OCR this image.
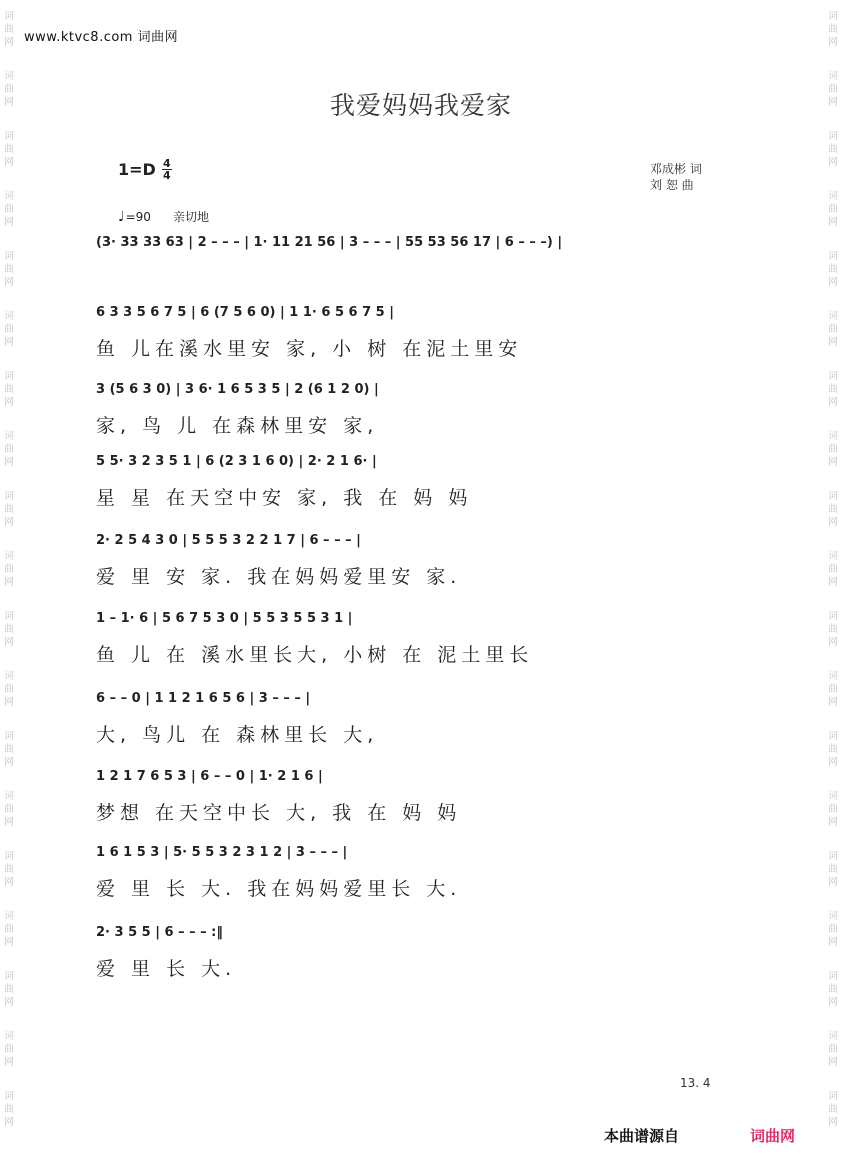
词
曲
网
词
曲
网
词
曲
网
词
曲
网
词
曲
网
词
曲
网
词
曲
网
词
曲
网
词
曲
网
词
曲
网
词
曲
网
词
曲
网
词
曲
网
词
曲
网
词
曲
网
词
曲
网
词
曲
网
词
曲
网
词
曲
网
词
曲
网
词
曲
网
词
曲
网
词
曲
网
词
曲
网
词
曲
网
词
曲
网
词
曲
网
词
曲
网
词
曲
网
词
曲
网
词
曲
网
词
曲
网
词
曲
网
词
曲
网
词
曲
网
词
曲
网
词
曲
网
词
曲
网
www.ktvc8.com 词曲网
我爱妈妈我爱家
$1=D \frac{4}{4}$	邓成彬 词
刘 恕 曲
♩ =90 亲切地
(3· 33 33 63 | 2 – – – | 1· 11 21 56 | 3 – – – | 55 53 56 17 | 6 – – –) |
6 3 3 5 6 7 5 | 6 (7 5 6 0) | 1 1· 6 5 6 7 5 |
鱼 儿在溪水里安 家, 小 树 在泥土里安
3 (5 6 3 0) | 3 6· 1 6 5 3 5 | 2 (6 1 2 0) |
家, 鸟 儿 在森林里安 家,
5 5· 3 2 3 5 1 | 6 (2 3 1 6 0) | 2· 2 1 6· |
星 星 在天空中安 家, 我 在 妈 妈
2· 2 5 4 3 0 | 5 5 5 3 2 2 1 7 | 6 – – – |
爱 里 安 家. 我在妈妈爱里安 家.
1 – 1· 6 | 5 6 7 5 3 0 | 5 5 3 5 5 3 1 |
鱼 儿 在 溪水里长大, 小树 在 泥土里长
6 – – 0 | 1 1 2 1 6 5 6 | 3 – – – |
大, 鸟儿 在 森林里长 大,
1 2 1 7 6 5 3 | 6 – – 0 | 1· 2 1 6 |
梦想 在天空中长 大, 我 在 妈 妈
1 6 1 5 3 | 5· 5 5 3 2 3 1 2 | 3 – – – |
爱 里 长 大. 我在妈妈爱里长 大.
2· 3 5 5 | 6 – – – :‖
爱 里 长 大.
13. 4
本曲谱源自	词曲网
